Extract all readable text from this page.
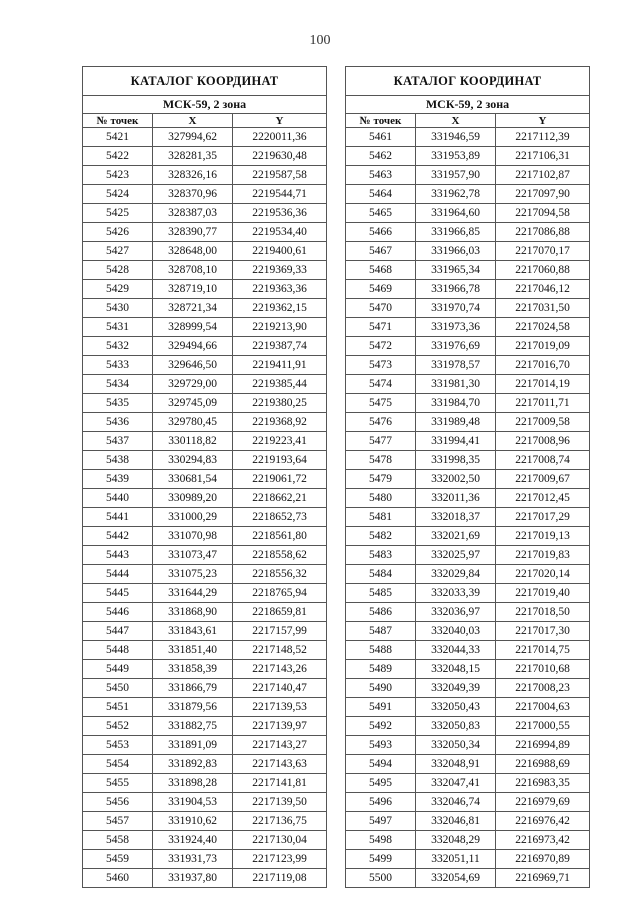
100
КАТАЛОГ КООРДИНАТ		
МСК-59, 2 зона		
№ точек	X	Y
5421	327994,62	2220011,36
5422	328281,35	2219630,48
5423	328326,16	2219587,58
5424	328370,96	2219544,71
5425	328387,03	2219536,36
5426	328390,77	2219534,40
5427	328648,00	2219400,61
5428	328708,10	2219369,33
5429	328719,10	2219363,36
5430	328721,34	2219362,15
5431	328999,54	2219213,90
5432	329494,66	2219387,74
5433	329646,50	2219411,91
5434	329729,00	2219385,44
5435	329745,09	2219380,25
5436	329780,45	2219368,92
5437	330118,82	2219223,41
5438	330294,83	2219193,64
5439	330681,54	2219061,72
5440	330989,20	2218662,21
5441	331000,29	2218652,73
5442	331070,98	2218561,80
5443	331073,47	2218558,62
5444	331075,23	2218556,32
5445	331644,29	2218765,94
5446	331868,90	2218659,81
5447	331843,61	2217157,99
5448	331851,40	2217148,52
5449	331858,39	2217143,26
5450	331866,79	2217140,47
5451	331879,56	2217139,53
5452	331882,75	2217139,97
5453	331891,09	2217143,27
5454	331892,83	2217143,63
5455	331898,28	2217141,81
5456	331904,53	2217139,50
5457	331910,62	2217136,75
5458	331924,40	2217130,04
5459	331931,73	2217123,99
5460	331937,80	2217119,08
КАТАЛОГ КООРДИНАТ		
МСК-59, 2 зона		
№ точек	X	Y
5461	331946,59	2217112,39
5462	331953,89	2217106,31
5463	331957,90	2217102,87
5464	331962,78	2217097,90
5465	331964,60	2217094,58
5466	331966,85	2217086,88
5467	331966,03	2217070,17
5468	331965,34	2217060,88
5469	331966,78	2217046,12
5470	331970,74	2217031,50
5471	331973,36	2217024,58
5472	331976,69	2217019,09
5473	331978,57	2217016,70
5474	331981,30	2217014,19
5475	331984,70	2217011,71
5476	331989,48	2217009,58
5477	331994,41	2217008,96
5478	331998,35	2217008,74
5479	332002,50	2217009,67
5480	332011,36	2217012,45
5481	332018,37	2217017,29
5482	332021,69	2217019,13
5483	332025,97	2217019,83
5484	332029,84	2217020,14
5485	332033,39	2217019,40
5486	332036,97	2217018,50
5487	332040,03	2217017,30
5488	332044,33	2217014,75
5489	332048,15	2217010,68
5490	332049,39	2217008,23
5491	332050,43	2217004,63
5492	332050,83	2217000,55
5493	332050,34	2216994,89
5494	332048,91	2216988,69
5495	332047,41	2216983,35
5496	332046,74	2216979,69
5497	332046,81	2216976,42
5498	332048,29	2216973,42
5499	332051,11	2216970,89
5500	332054,69	2216969,71
